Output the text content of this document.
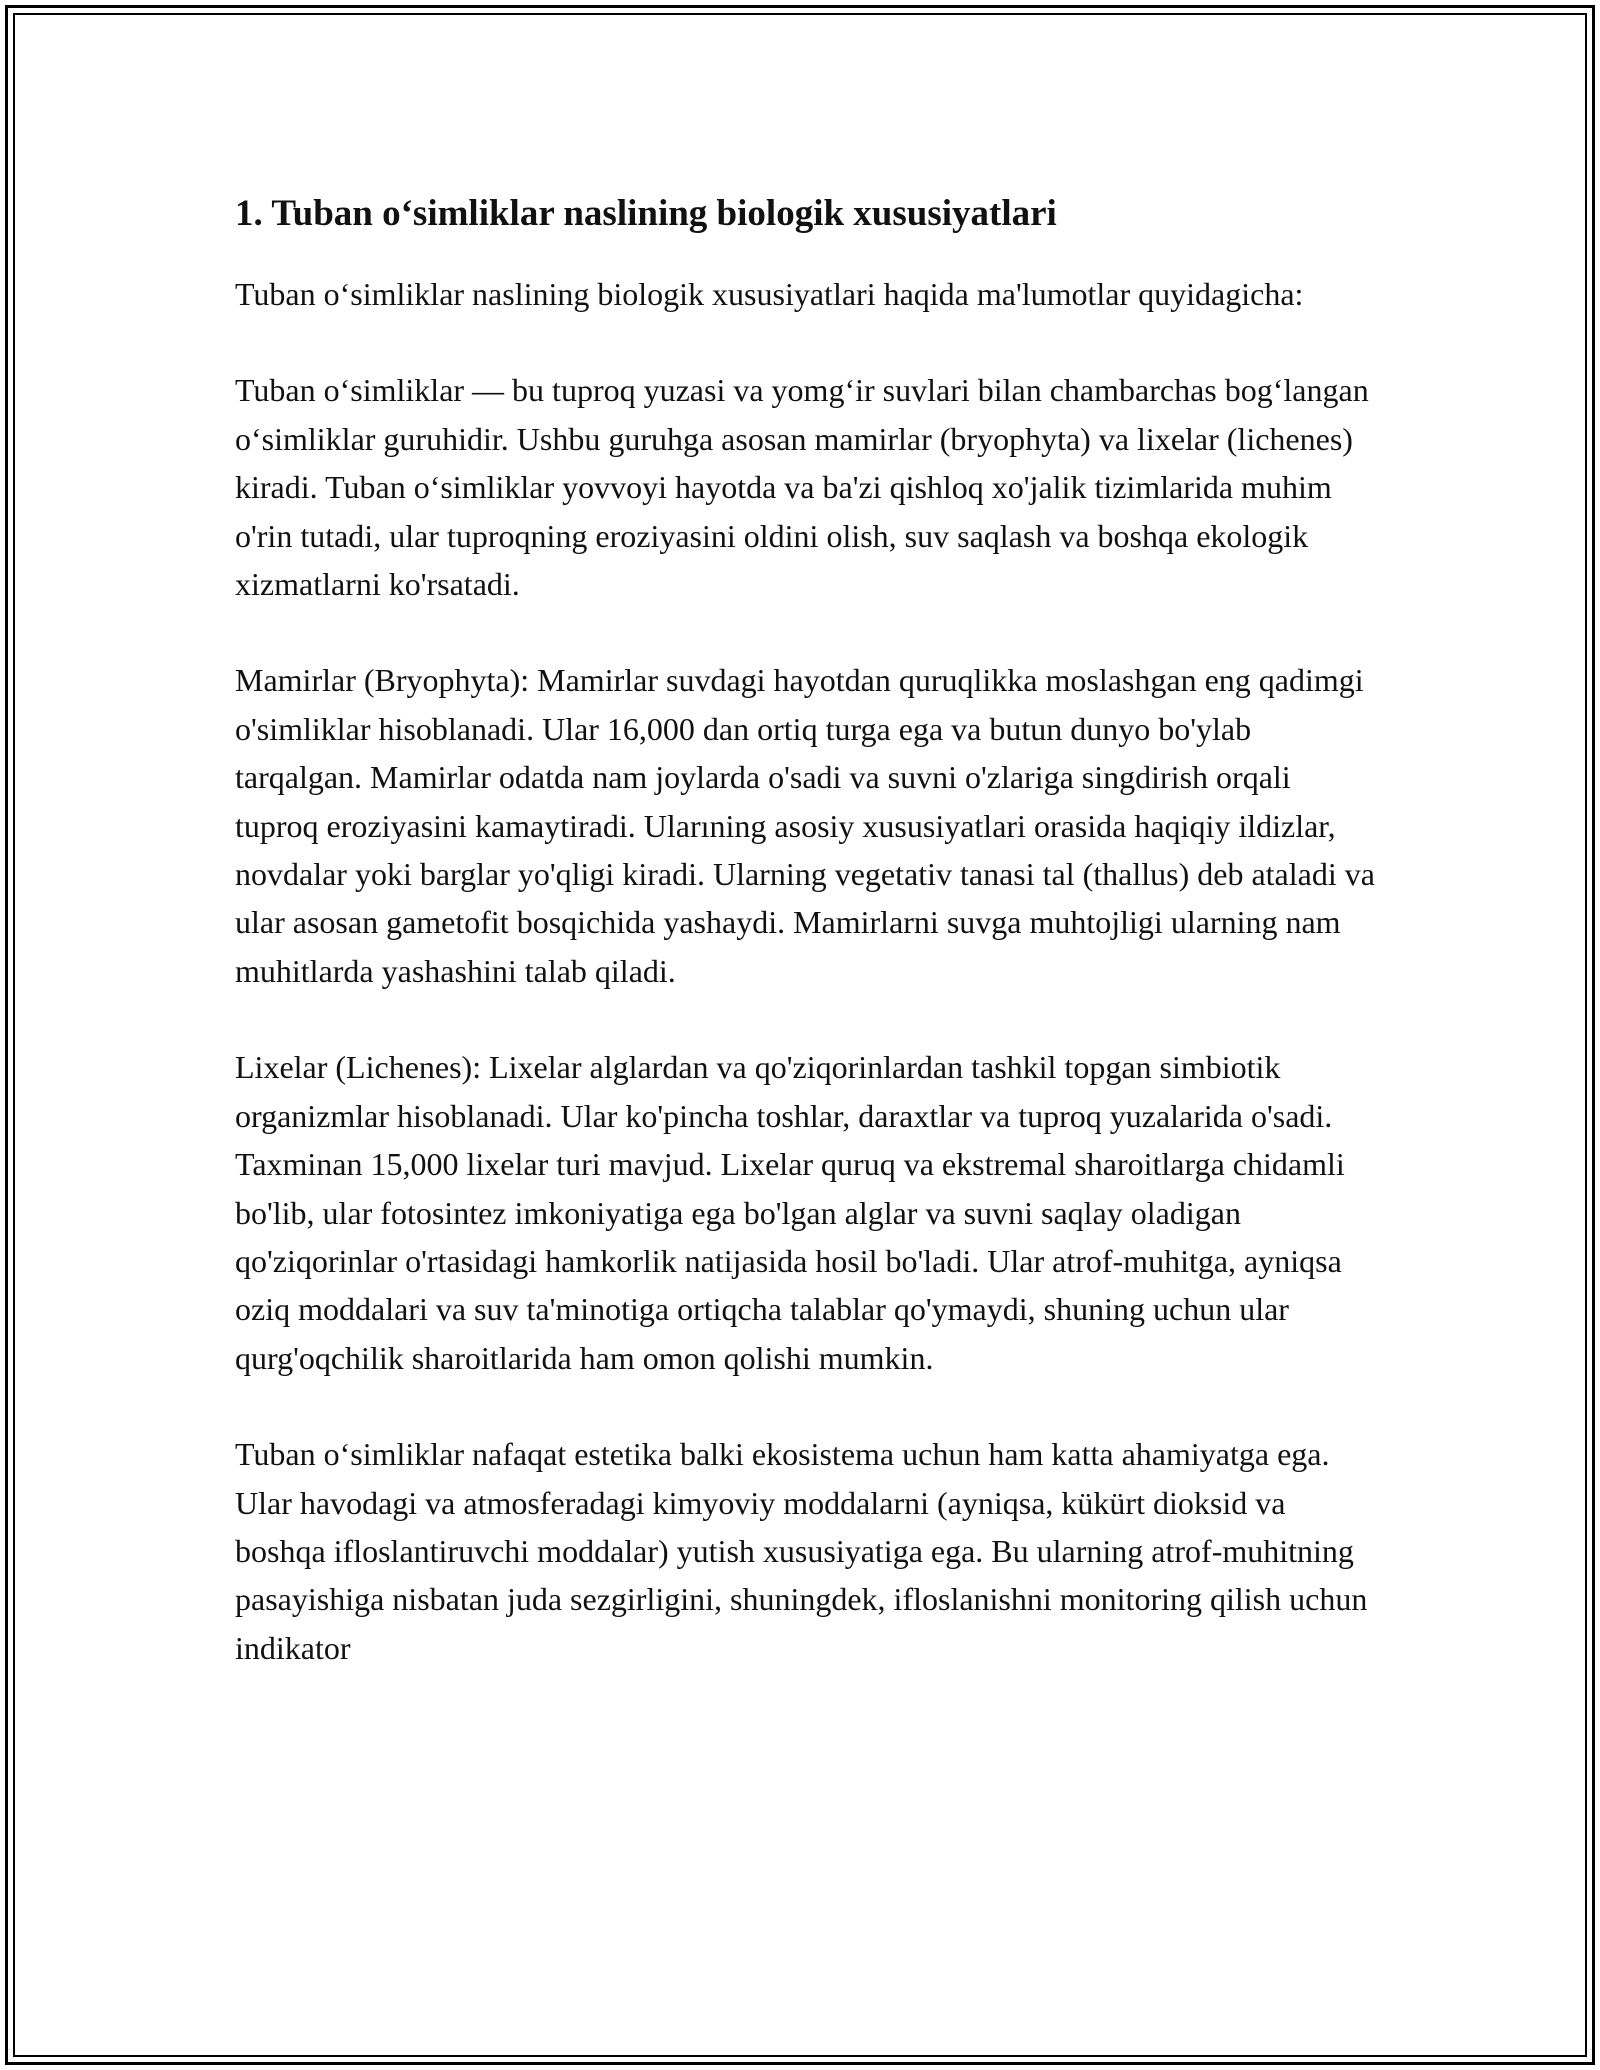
1. Tuban o‘simliklar naslining biologik xususiyatlari

Tuban o‘simliklar naslining biologik xususiyatlari haqida ma'lumotlar quyidagicha:

Tuban o‘simliklar — bu tuproq yuzasi va yomg‘ir suvlari bilan chambarchas bog‘langan o‘simliklar guruhidir. Ushbu guruhga asosan mamirlar (bryophyta) va lixelar (lichenes) kiradi. Tuban o‘simliklar yovvoyi hayotda va ba'zi qishloq xo'jalik tizimlarida muhim o'rin tutadi, ular tuproqning eroziyasini oldini olish, suv saqlash va boshqa ekologik xizmatlarni ko'rsatadi.

Mamirlar (Bryophyta): Mamirlar suvdagi hayotdan quruqlikka moslashgan eng qadimgi o'simliklar hisoblanadi. Ular 16,000 dan ortiq turga ega va butun dunyo bo'ylab tarqalgan. Mamirlar odatda nam joylarda o'sadi va suvni o'zlariga singdirish orqali tuproq eroziyasini kamaytiradi. Ularıning asosiy xususiyatlari orasida haqiqiy ildizlar, novdalar yoki barglar yo'qligi kiradi. Ularning vegetativ tanasi tal (thallus) deb ataladi va ular asosan gametofit bosqichida yashaydi. Mamirlarni suvga muhtojligi ularning nam muhitlarda yashashini talab qiladi.

Lixelar (Lichenes): Lixelar alglardan va qo'ziqorinlardan tashkil topgan simbiotik organizmlar hisoblanadi. Ular ko'pincha toshlar, daraxtlar va tuproq yuzalarida o'sadi. Taxminan 15,000 lixelar turi mavjud. Lixelar quruq va ekstremal sharoitlarga chidamli bo'lib, ular fotosintez imkoniyatiga ega bo'lgan alglar va suvni saqlay oladigan qo'ziqorinlar o'rtasidagi hamkorlik natijasida hosil bo'ladi. Ular atrof-muhitga, ayniqsa oziq moddalari va suv ta'minotiga ortiqcha talablar qo'ymaydi, shuning uchun ular qurg'oqchilik sharoitlarida ham omon qolishi mumkin.

Tuban o‘simliklar nafaqat estetika balki ekosistema uchun ham katta ahamiyatga ega. Ular havodagi va atmosferadagi kimyoviy moddalarni (ayniqsa, kükürt dioksid va boshqa ifloslantiruvchi moddalar) yutish xususiyatiga ega. Bu ularning atrof-muhitning pasayishiga nisbatan juda sezgirligini, shuningdek, ifloslanishni monitoring qilish uchun indikator
